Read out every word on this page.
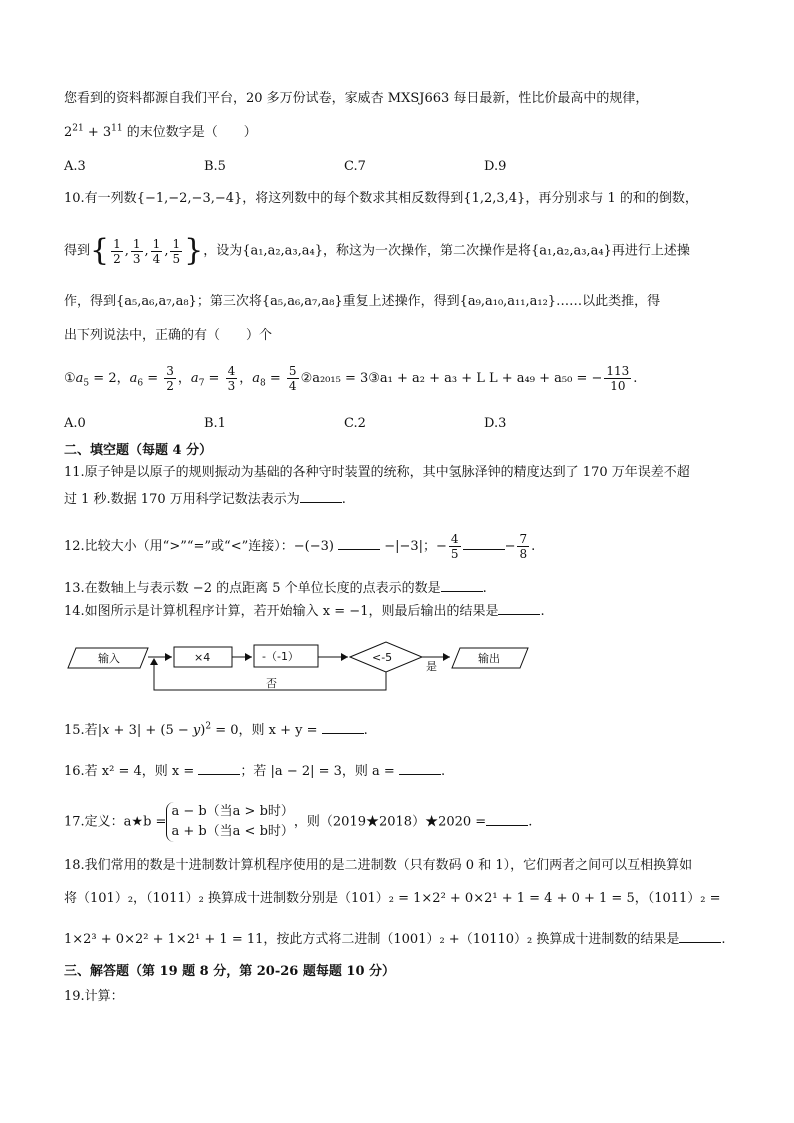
您看到的资料都源自我们平台，20 多万份试卷，家威杏 MXSJ663 每日最新，性比价最高中的规律，
$2^{21} + 3^{11}$ 的末位数字是（　　）
A.3	B.5	C.7	D.9
10.有一列数{−1,−2,−3,−4}，将这列数中的每个数求其相反数得到{1,2,3,4}，再分别求与 1 的和的倒数，
得到{ $\frac{1}{2}$ , $\frac{1}{3}$ , $\frac{1}{4}$ , $\frac{1}{5}$ }，设为{a₁,a₂,a₃,a₄}，称这为一次操作，第二次操作是将{a₁,a₂,a₃,a₄}再进行上述操
作，得到{a₅,a₆,a₇,a₈}；第三次将{a₅,a₆,a₇,a₈}重复上述操作，得到{a₉,a₁₀,a₁₁,a₁₂}……以此类推，得
出下列说法中，正确的有（　　）个
$①a_5 = 2$，$a_6 = \frac{3}{2}$ ，$a_7 = \frac{4}{3}$ ，$a_8 = \frac{5}{4}$ ②a₂₀₁₅ = 3③a₁ + a₂ + a₃ + L L + a₄₉ + a₅₀ = − $\frac{113}{10}$ .
A.0	B.1	C.2	D.3
二、填空题（每题 4 分）
11.原子钟是以原子的规则振动为基础的各种守时装置的统称，其中氢脉泽钟的精度达到了 170 万年误差不超
过 1 秒.数据 170 万用科学记数法表示为	.
12.比较大小（用“>”“=”或“<”连接）：−(−3)	−|−3|；− $\frac{4}{5}$	− $\frac{7}{8}$ .
13.在数轴上与表示数 −2 的点距离 5 个单位长度的点表示的数是	.
14.如图所示是计算机程序计算，若开始输入 x = −1，则最后输出的结果是	.
输入	×4	-（-1）	<-5
是
输出
否
15.若$|x + 3| + (5 - y)^2 = 0$，则 x + y =	.
16.若 x² = 4，则 x =	；若 |a − 2| = 3，则 a =	.
17.定义：a★b =
a − b（当a > b时）
a + b（当a < b时）
，则（2019★2018）★2020 =	.
18.我们常用的数是十进制数计算机程序使用的是二进制数（只有数码 0 和 1），它们两者之间可以互相换算如
将（101）₂，（1011）₂ 换算成十进制数分别是（101）₂ = 1×2² + 0×2¹ + 1 = 4 + 0 + 1 = 5，（1011）₂ =
1×2³ + 0×2² + 1×2¹ + 1 = 11，按此方式将二进制（1001）₂ +（10110）₂ 换算成十进制数的结果是	.
三、解答题（第 19 题 8 分，第 20-26 题每题 10 分）
19.计算：
